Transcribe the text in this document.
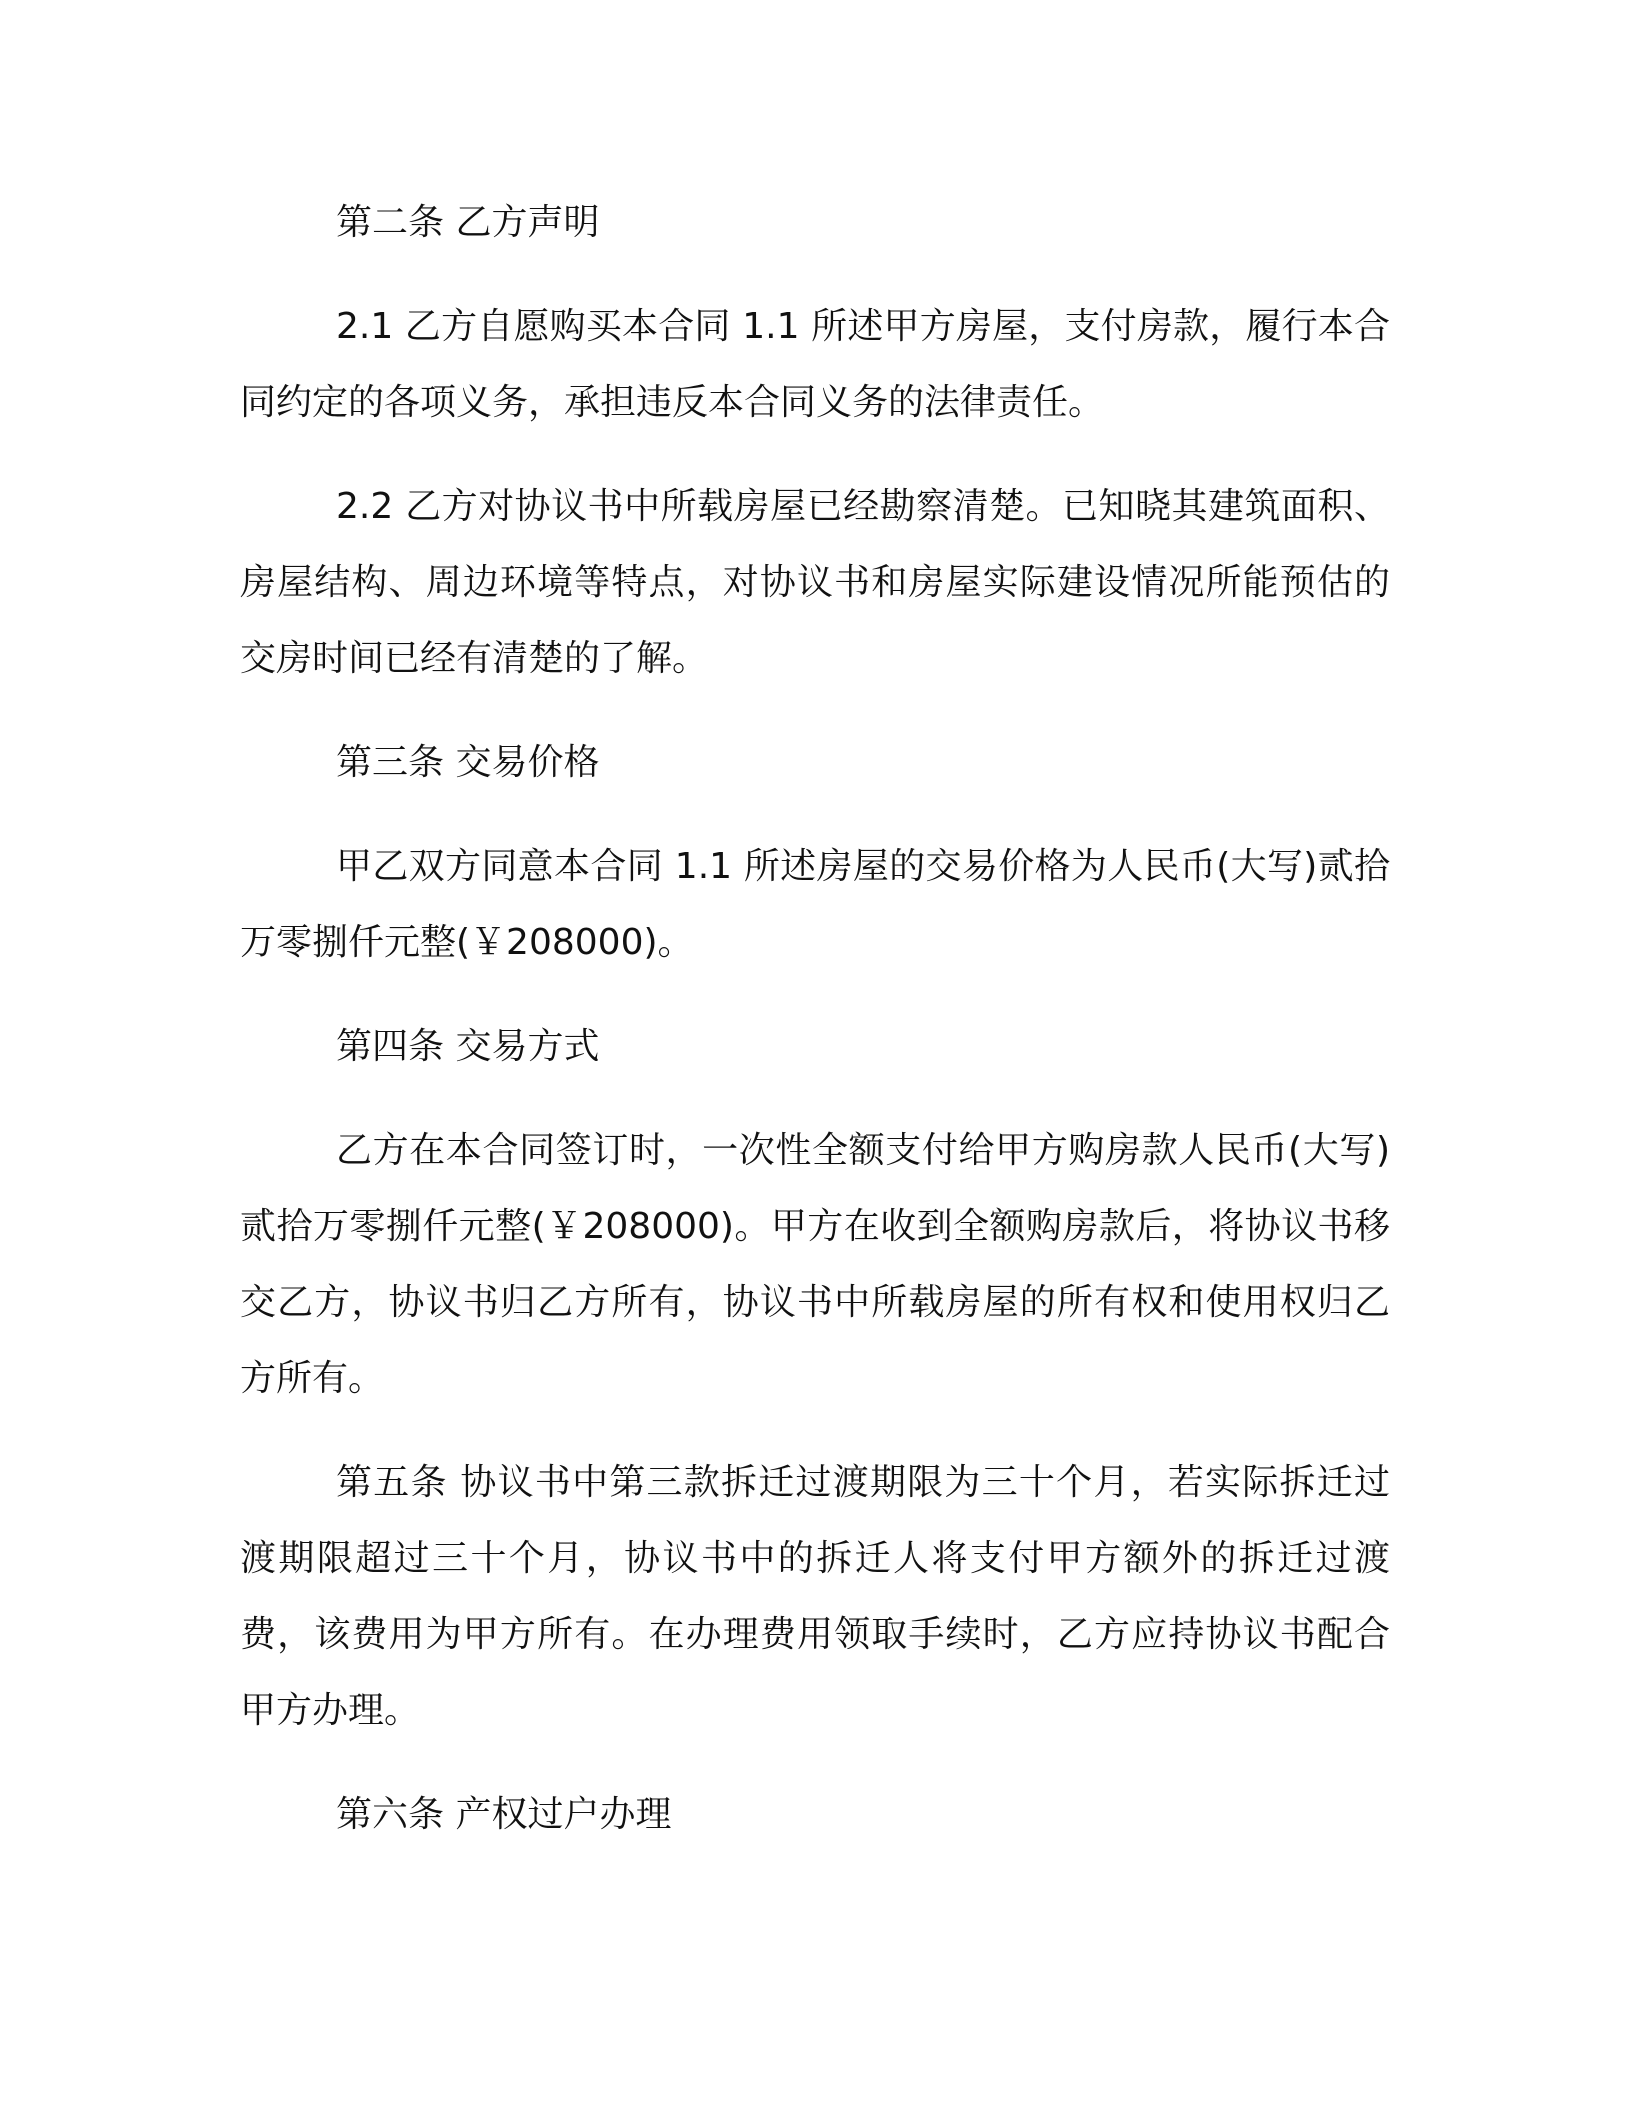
第二条 乙方声明

2.1 乙方自愿购买本合同 1.1 所述甲方房屋，支付房款，履行本合同约定的各项义务，承担违反本合同义务的法律责任。

2.2 乙方对协议书中所载房屋已经勘察清楚。已知晓其建筑面积、房屋结构、周边环境等特点，对协议书和房屋实际建设情况所能预估的交房时间已经有清楚的了解。

第三条 交易价格

甲乙双方同意本合同 1.1 所述房屋的交易价格为人民币(大写)贰拾万零捌仟元整(￥208000)。

第四条 交易方式

乙方在本合同签订时，一次性全额支付给甲方购房款人民币(大写)贰拾万零捌仟元整(￥208000)。甲方在收到全额购房款后，将协议书移交乙方，协议书归乙方所有，协议书中所载房屋的所有权和使用权归乙方所有。

第五条 协议书中第三款拆迁过渡期限为三十个月，若实际拆迁过渡期限超过三十个月，协议书中的拆迁人将支付甲方额外的拆迁过渡费，该费用为甲方所有。在办理费用领取手续时，乙方应持协议书配合甲方办理。

第六条 产权过户办理
